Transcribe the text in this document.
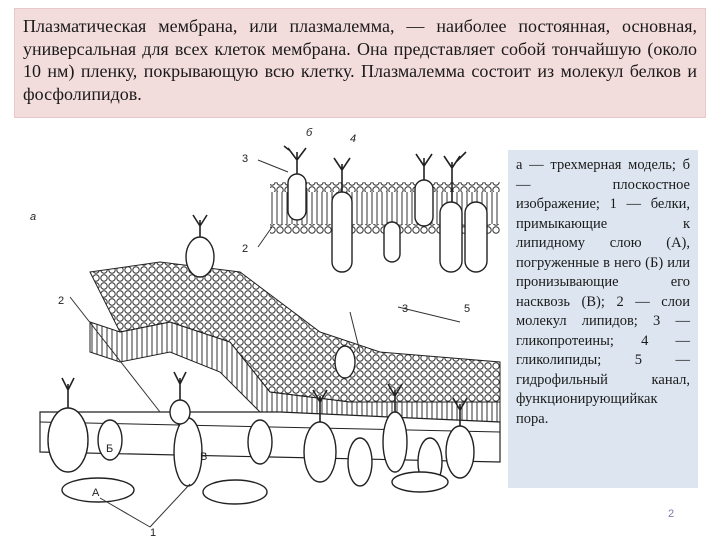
Плазматическая мембрана, или плазмалемма, — наиболее постоянная, основная, универсальная для всех клеток мембрана. Она представляет собой тончайшую (около 10 нм) пленку, покрывающую всю клетку. Плазмалемма состоит из молекул белков и фосфолипидов.

а
б
1
2
2
3
3
4
5
А
Б
В

а — трехмерная модель; б — плоскостное изображение; 1 — белки, примыкающие к липидному слою (А), погруженные в него (Б) или пронизывающие его насквозь (В); 2 — слои молекул липидов; 3 — гликопротеины; 4 — гликолипиды; 5 — гидрофильный канал, функционирующийкак пора.

2
